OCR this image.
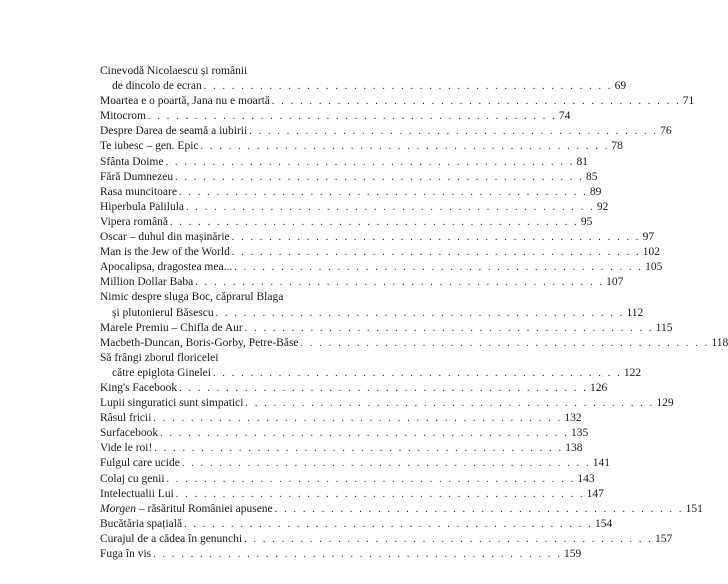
Cinevodă Nicolaescu și românii
de dincolo de ecran . . . . . . . . . . . . . . . . . . . . . . . . . . . . . . . . . . . . . . . . . . . . 69
Moartea e o poartă, Jana nu e moartă . . . . . . . . . . . . . . . . . . . . . . . . . . . . . . . . . . . . . . . . . . . . 71
Mitocrom . . . . . . . . . . . . . . . . . . . . . . . . . . . . . . . . . . . . . . . . . . . . 74
Despre Darea de seamă a iubirii . . . . . . . . . . . . . . . . . . . . . . . . . . . . . . . . . . . . . . . . . . . . 76
Te iubesc – gen. Epic . . . . . . . . . . . . . . . . . . . . . . . . . . . . . . . . . . . . . . . . . . . . 78
Sfânta Doime . . . . . . . . . . . . . . . . . . . . . . . . . . . . . . . . . . . . . . . . . . . . 81
Fără Dumnezeu . . . . . . . . . . . . . . . . . . . . . . . . . . . . . . . . . . . . . . . . . . . . 85
Rasa muncitoare . . . . . . . . . . . . . . . . . . . . . . . . . . . . . . . . . . . . . . . . . . . . 89
Hiperbula Palilula . . . . . . . . . . . . . . . . . . . . . . . . . . . . . . . . . . . . . . . . . . . . 92
Vipera română . . . . . . . . . . . . . . . . . . . . . . . . . . . . . . . . . . . . . . . . . . . . 95
Oscar – duhul din mașinărie . . . . . . . . . . . . . . . . . . . . . . . . . . . . . . . . . . . . . . . . . . . . 97
Man is the Jew of the World . . . . . . . . . . . . . . . . . . . . . . . . . . . . . . . . . . . . . . . . . . . . 102
Apocalipsa, dragostea mea... . . . . . . . . . . . . . . . . . . . . . . . . . . . . . . . . . . . . . . . . . . . . 105
Million Dollar Baba . . . . . . . . . . . . . . . . . . . . . . . . . . . . . . . . . . . . . . . . . . . . 107
Nimic despre sluga Boc, căprarul Blaga
și plutonierul Băsescu . . . . . . . . . . . . . . . . . . . . . . . . . . . . . . . . . . . . . . . . . . . . 112
Marele Premiu – Chifla de Aur . . . . . . . . . . . . . . . . . . . . . . . . . . . . . . . . . . . . . . . . . . . . 115
Macbeth-Duncan, Boris-Gorby, Petre-Băse . . . . . . . . . . . . . . . . . . . . . . . . . . . . . . . . . . . . . . . . . . . . 118
Să frângi zborul floricelei
către epiglota Ginelei . . . . . . . . . . . . . . . . . . . . . . . . . . . . . . . . . . . . . . . . . . . . 122
King's Facebook . . . . . . . . . . . . . . . . . . . . . . . . . . . . . . . . . . . . . . . . . . . . 126
Lupii singuratici sunt simpatici . . . . . . . . . . . . . . . . . . . . . . . . . . . . . . . . . . . . . . . . . . . . 129
Râsul fricii . . . . . . . . . . . . . . . . . . . . . . . . . . . . . . . . . . . . . . . . . . . . 132
Surfacebook . . . . . . . . . . . . . . . . . . . . . . . . . . . . . . . . . . . . . . . . . . . . 135
Vide le roi! . . . . . . . . . . . . . . . . . . . . . . . . . . . . . . . . . . . . . . . . . . . . 138
Fulgul care ucide . . . . . . . . . . . . . . . . . . . . . . . . . . . . . . . . . . . . . . . . . . . . 141
Colaj cu genii . . . . . . . . . . . . . . . . . . . . . . . . . . . . . . . . . . . . . . . . . . . . 143
Intelectualii Lui . . . . . . . . . . . . . . . . . . . . . . . . . . . . . . . . . . . . . . . . . . . . 147
Morgen – răsăritul României apusene . . . . . . . . . . . . . . . . . . . . . . . . . . . . . . . . . . . . . . . . . . . . 151
Bucătăria spațială . . . . . . . . . . . . . . . . . . . . . . . . . . . . . . . . . . . . . . . . . . . . 154
Curajul de a cădea în genunchi . . . . . . . . . . . . . . . . . . . . . . . . . . . . . . . . . . . . . . . . . . . . 157
Fuga în vis . . . . . . . . . . . . . . . . . . . . . . . . . . . . . . . . . . . . . . . . . . . . 159
